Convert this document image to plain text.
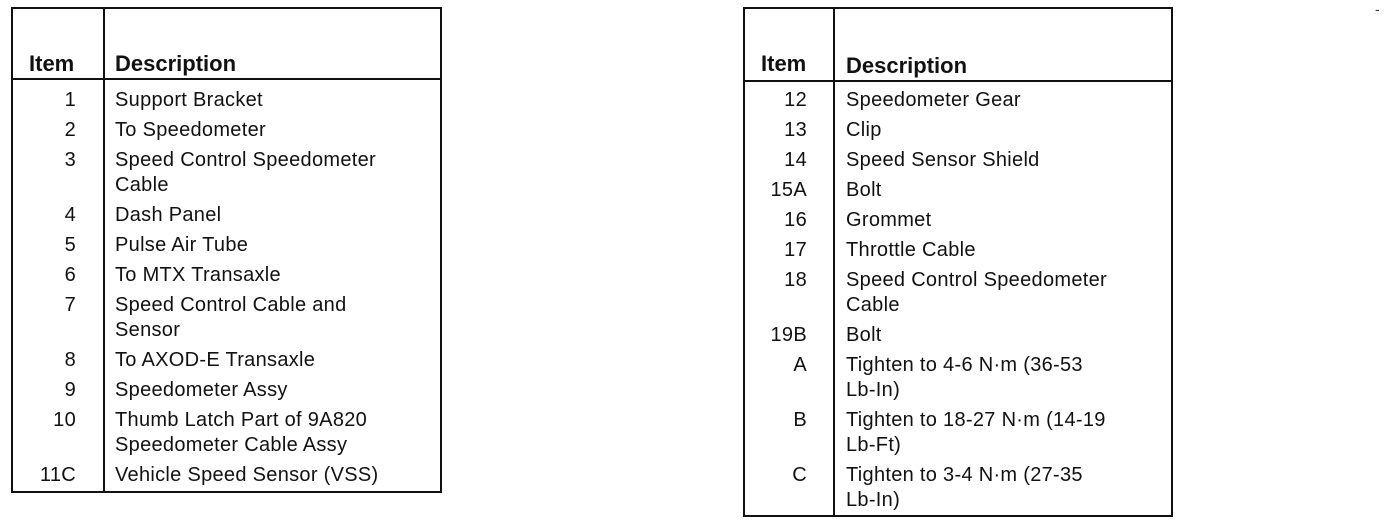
-
Item Description
1 Support Bracket
2 To Speedometer
3 Speed Control Speedometer
Cable
4 Dash Panel
5 Pulse Air Tube
6 To MTX Transaxle
7 Speed Control Cable and
Sensor
8 To AXOD-E Transaxle
9 Speedometer Assy
10 Thumb Latch Part of 9A820
Speedometer Cable Assy
11C Vehicle Speed Sensor (VSS)
Item Description
12 Speedometer Gear
13 Clip
14 Speed Sensor Shield
15A Bolt
16 Grommet
17 Throttle Cable
18 Speed Control Speedometer
Cable
19B Bolt
A Tighten to 4-6 N·m (36-53
Lb-In)
B Tighten to 18-27 N·m (14-19
Lb-Ft)
C Tighten to 3-4 N·m (27-35
Lb-In)
